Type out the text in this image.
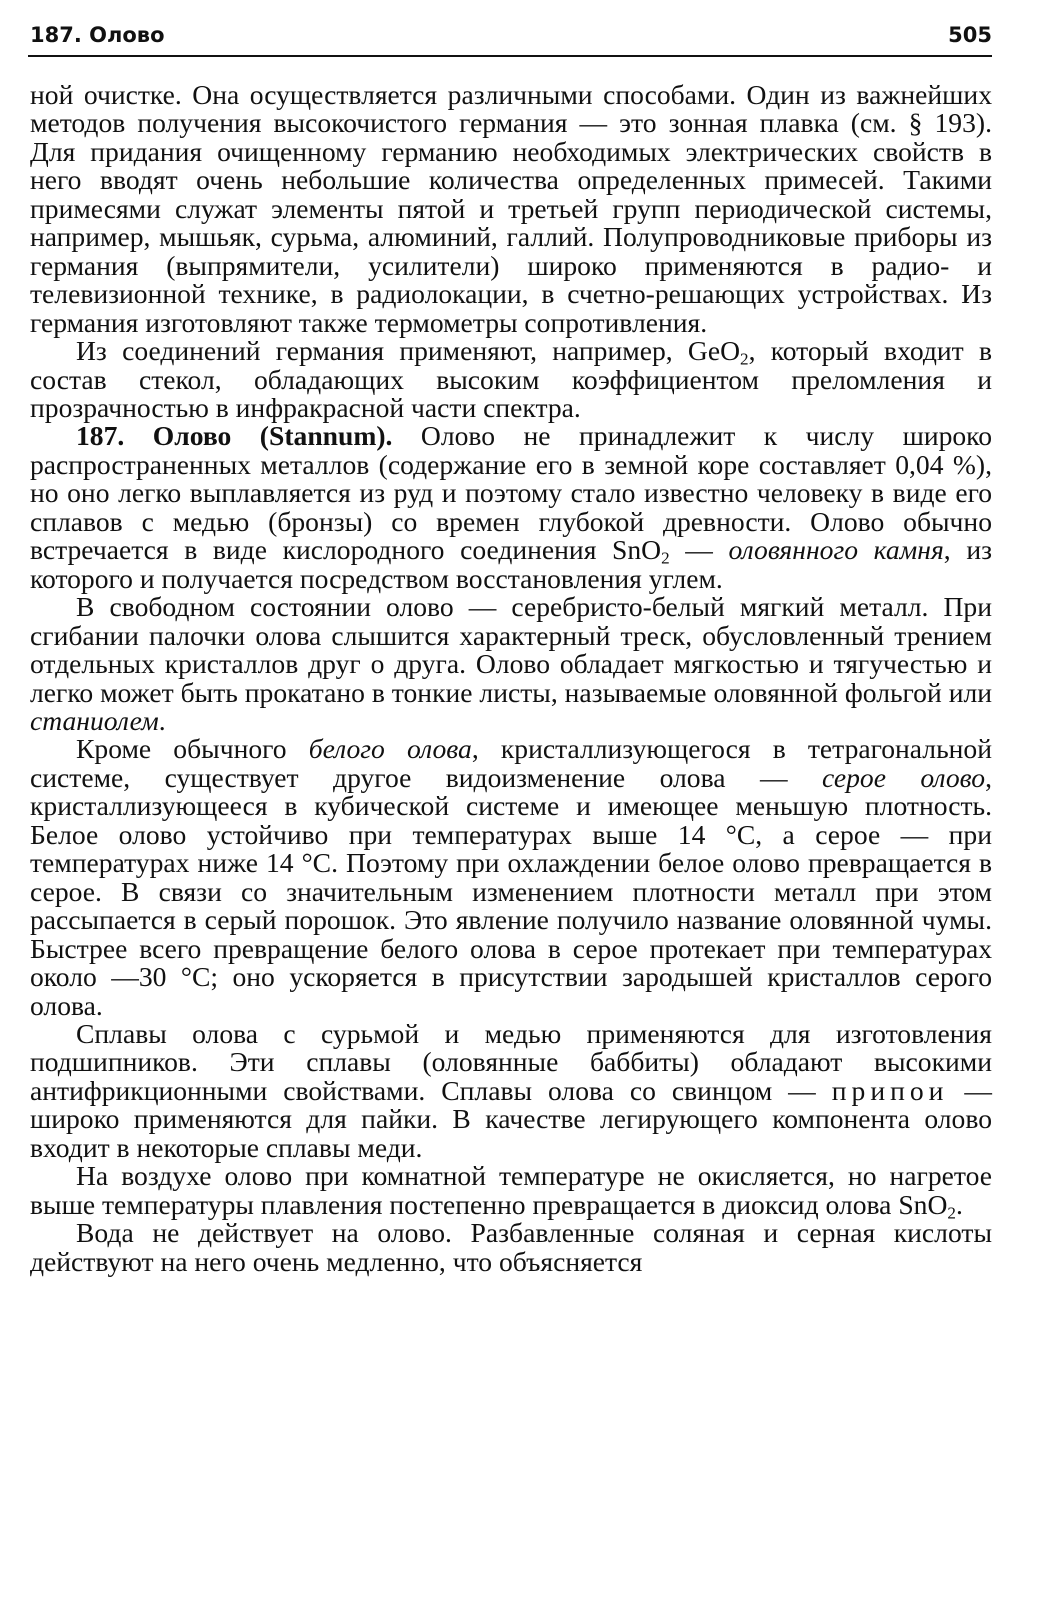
187. Олово	505

ной очистке. Она осуществляется различными способами. Один из важнейших методов получения высокочистого германия — это зонная плавка (см. § 193). Для придания очищенному германию необходимых электрических свойств в него вводят очень небольшие количества определенных примесей. Такими примесями служат элементы пятой и третьей групп периодической системы, например, мышьяк, сурьма, алюминий, галлий. Полупроводниковые приборы из германия (выпрямители, усилители) широко применяются в радио- и телевизионной технике, в радиолокации, в счетно-решающих устройствах. Из германия изготовляют также термометры сопротивления.

Из соединений германия применяют, например, GeO$_2$, который входит в состав стекол, обладающих высоким коэффициентом преломления и прозрачностью в инфракрасной части спектра.

187. Олово (Stannum). Олово не принадлежит к числу широко распространенных металлов (содержание его в земной коре составляет 0,04 %), но оно легко выплавляется из руд и поэтому стало известно человеку в виде его сплавов с медью (бронзы) со времен глубокой древности. Олово обычно встречается в виде кислородного соединения SnO$_2$ — оловянного камня, из которого и получается посредством восстановления углем.

В свободном состоянии олово — серебристо-белый мягкий металл. При сгибании палочки олова слышится характерный треск, обусловленный трением отдельных кристаллов друг о друга. Олово обладает мягкостью и тягучестью и легко может быть прокатано в тонкие листы, называемые оловянной фольгой или станиолем.

Кроме обычного белого олова, кристаллизующегося в тетрагональной системе, существует другое видоизменение олова — серое олово, кристаллизующееся в кубической системе и имеющее меньшую плотность. Белое олово устойчиво при температурах выше 14 °C, а серое — при температурах ниже 14 °C. Поэтому при охлаждении белое олово превращается в серое. В связи со значительным изменением плотности металл при этом рассыпается в серый порошок. Это явление получило название оловянной чумы. Быстрее всего превращение белого олова в серое протекает при температурах около —30 °C; оно ускоряется в присутствии зародышей кристаллов серого олова.

Сплавы олова с сурьмой и медью применяются для изготовления подшипников. Эти сплавы (оловянные баббиты) обладают высокими антифрикционными свойствами. Сплавы олова со свинцом — припои — широко применяются для пайки. В качестве легирующего компонента олово входит в некоторые сплавы меди.

На воздухе олово при комнатной температуре не окисляется, но нагретое выше температуры плавления постепенно превращается в диоксид олова SnO$_2$.

Вода не действует на олово. Разбавленные соляная и серная кислоты действуют на него очень медленно, что объясняется
